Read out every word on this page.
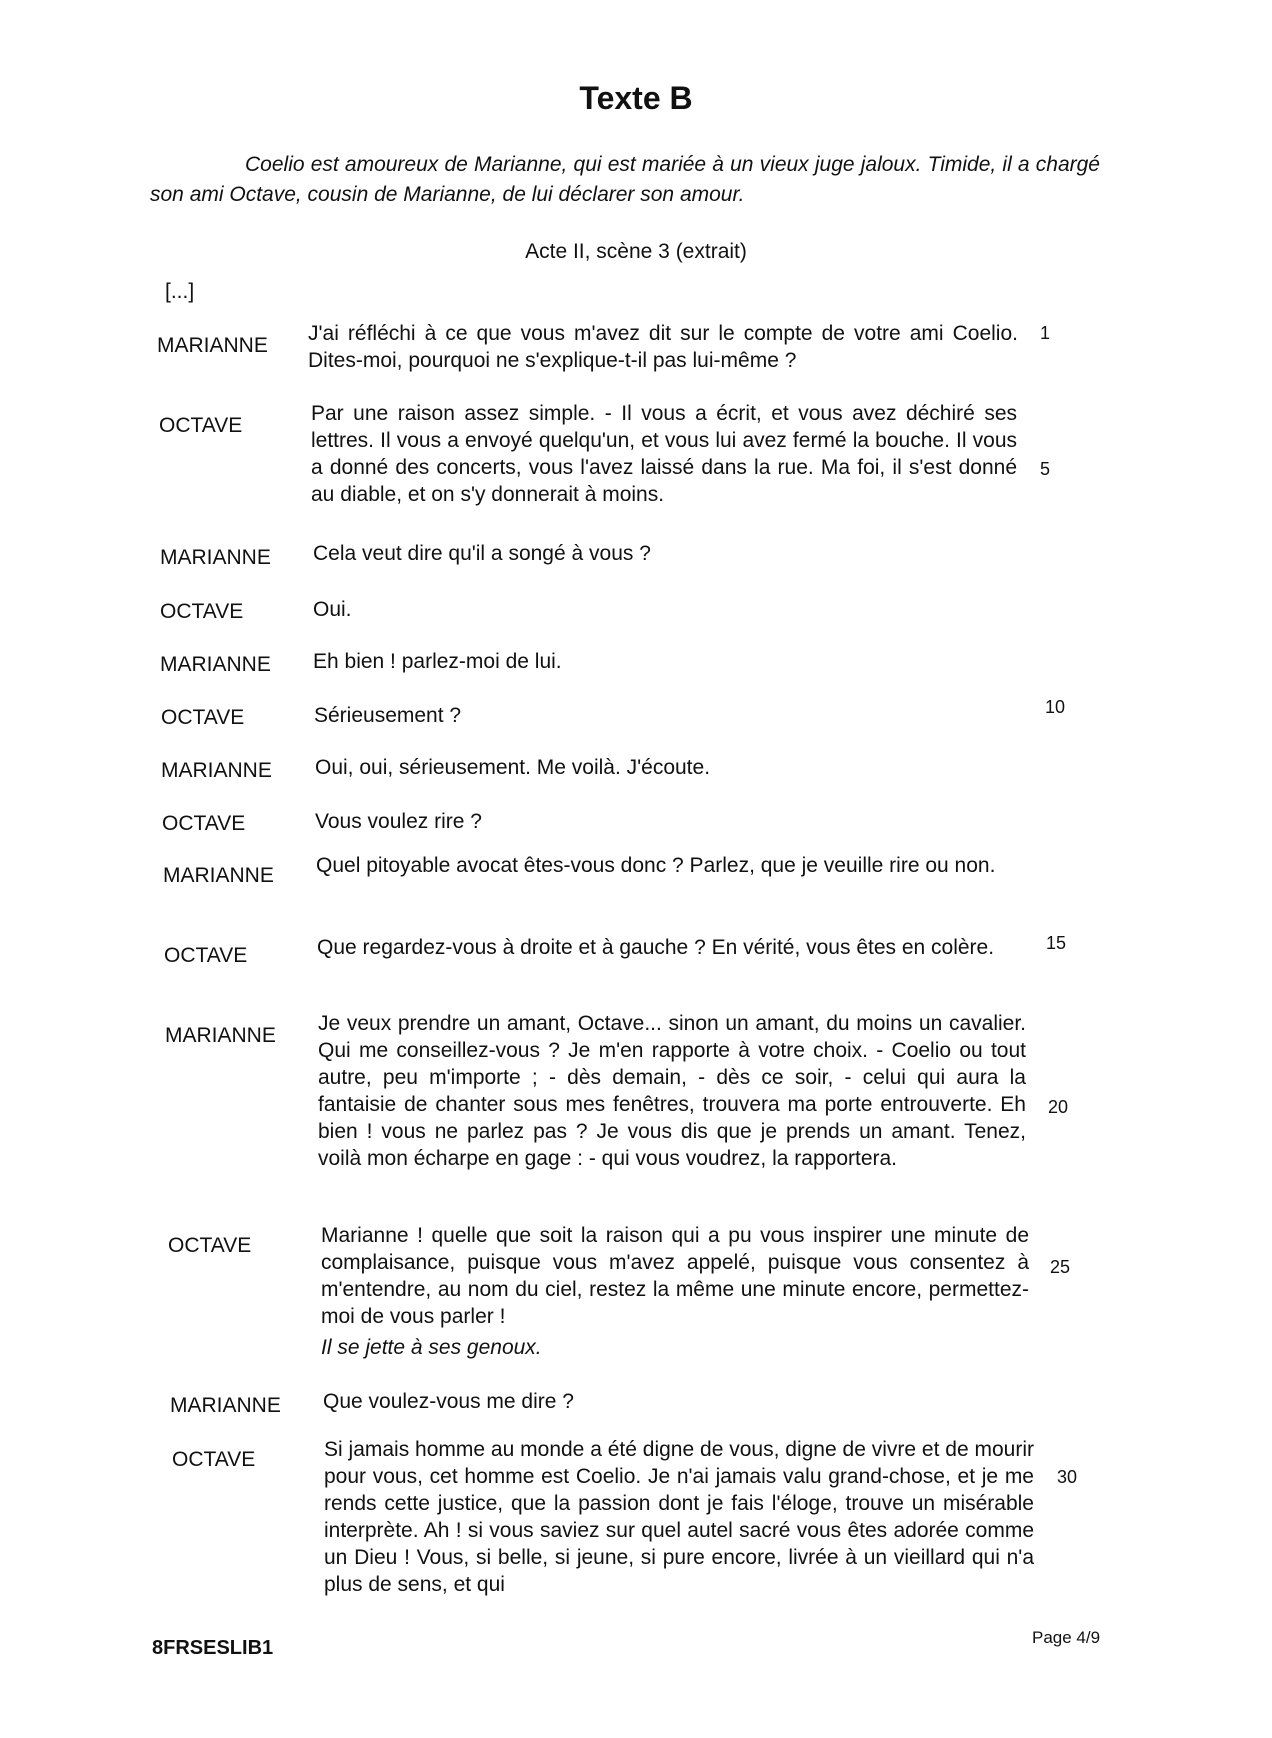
Texte B
Coelio est amoureux de Marianne, qui est mariée à un vieux juge jaloux. Timide, il a chargé son ami Octave, cousin de Marianne, de lui déclarer son amour.
Acte II, scène 3 (extrait)
[...]
MARIANNE
J'ai réfléchi à ce que vous m'avez dit sur le compte de votre ami Coelio. Dites-moi, pourquoi ne s'explique-t-il pas lui-même ?
1
OCTAVE
Par une raison assez simple. - Il vous a écrit, et vous avez déchiré ses lettres. Il vous a envoyé quelqu'un, et vous lui avez fermé la bouche. Il vous a donné des concerts, vous l'avez laissé dans la rue. Ma foi, il s'est donné au diable, et on s'y donnerait à moins.
5
MARIANNE Cela veut dire qu'il a songé à vous ?
OCTAVE	Oui.
MARIANNE Eh bien ! parlez-moi de lui.
OCTAVE	Sérieusement ?	10
MARIANNE Oui, oui, sérieusement. Me voilà. J'écoute.
OCTAVE	Vous voulez rire ?
MARIANNE Quel pitoyable avocat êtes-vous donc ? Parlez, que je veuille rire ou non.
OCTAVE	Que regardez-vous à droite et à gauche ? En vérité, vous êtes en colère.	15
MARIANNE
Je veux prendre un amant, Octave... sinon un amant, du moins un cavalier. Qui me conseillez-vous ? Je m'en rapporte à votre choix. - Coelio ou tout autre, peu m'importe ; - dès demain, - dès ce soir, - celui qui aura la fantaisie de chanter sous mes fenêtres, trouvera ma porte entrouverte. Eh bien ! vous ne parlez pas ? Je vous dis que je prends un amant. Tenez, voilà mon écharpe en gage : - qui vous voudrez, la rapportera.
20
OCTAVE	Marianne ! quelle que soit la raison qui a pu vous inspirer une minute de complaisance, puisque vous m'avez appelé, puisque vous consentez à m'entendre, au nom du ciel, restez la même une minute encore, permettez-moi de vous parler !
Il se jette à ses genoux.
25
MARIANNE Que voulez-vous me dire ?
OCTAVE	Si jamais homme au monde a été digne de vous, digne de vivre et de mourir pour vous, cet homme est Coelio. Je n'ai jamais valu grand-chose, et je me rends cette justice, que la passion dont je fais l'éloge, trouve un misérable interprète. Ah ! si vous saviez sur quel autel sacré vous êtes adorée comme un Dieu ! Vous, si belle, si jeune, si pure encore, livrée à un vieillard qui n'a plus de sens, et qui
30
8FRSESLIB1	Page 4/9
